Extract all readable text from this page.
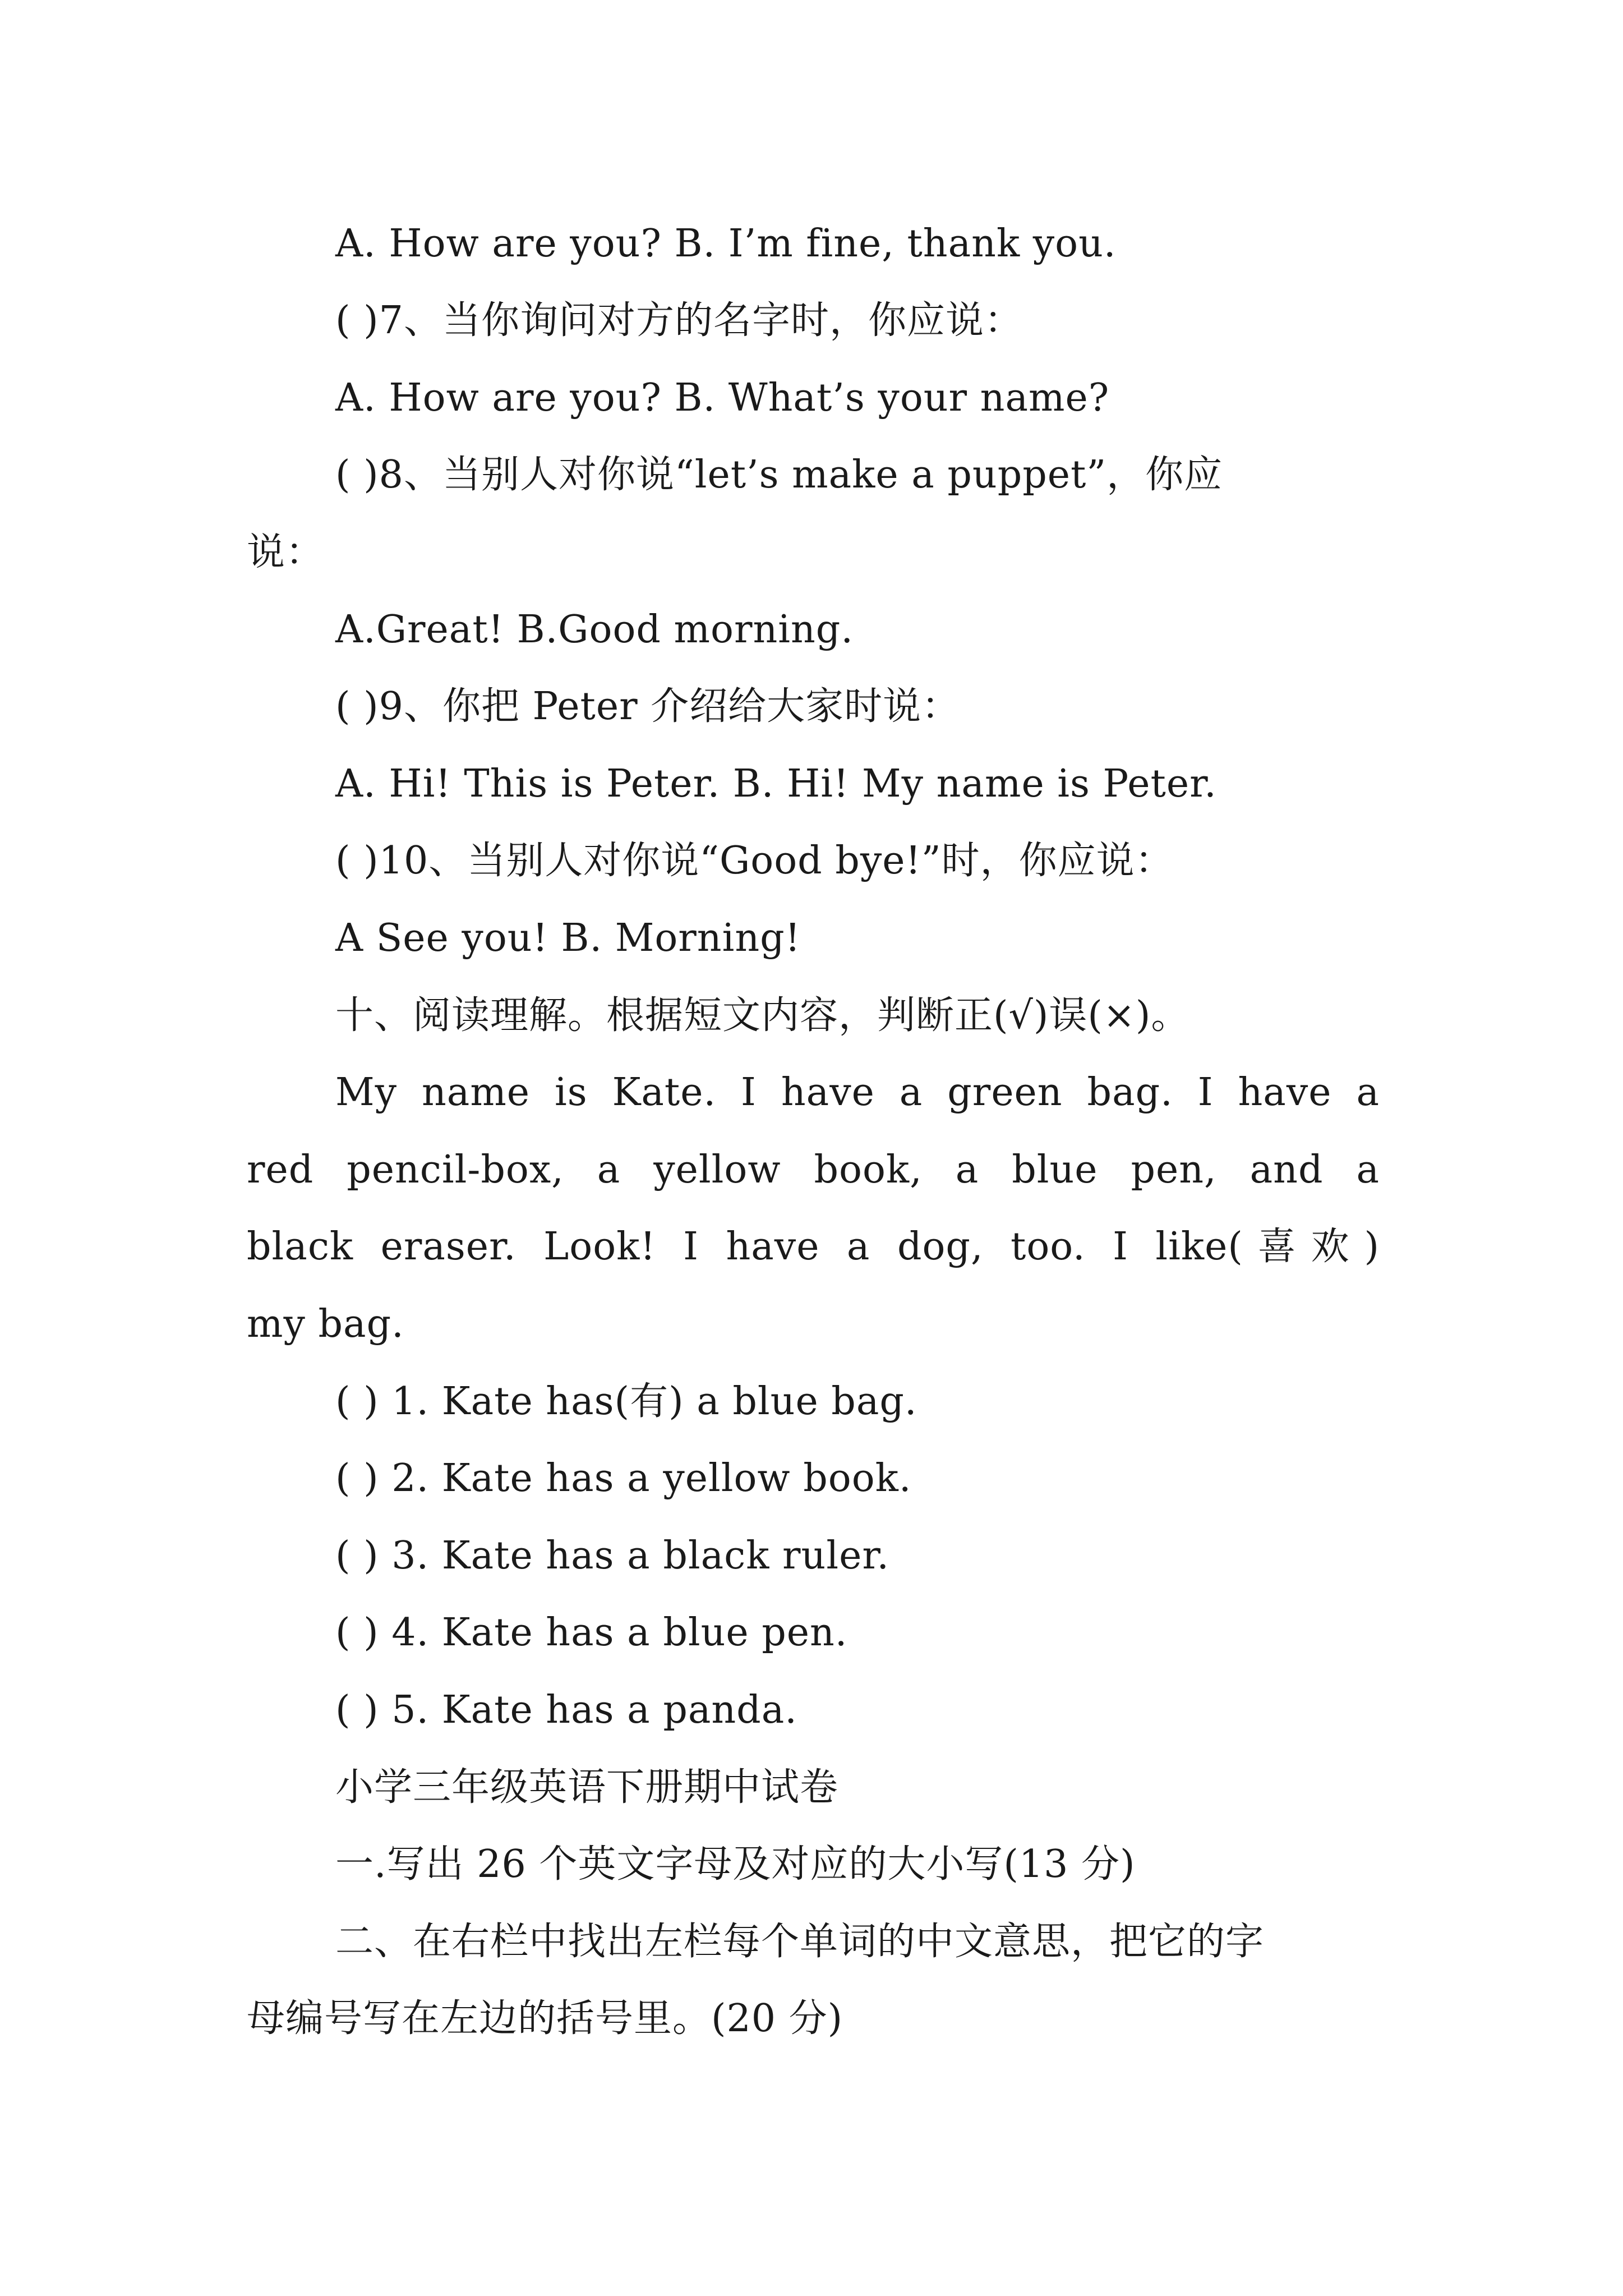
A. How are you? B. I’m fine, thank you.
( )7、当你询问对方的名字时，你应说：
A. How are you? B. What’s your name?
( )8、当别人对你说“let’s make a puppet”，你应
说：
A.Great! B.Good morning.
( )9、你把 Peter 介绍给大家时说：
A. Hi! This is Peter. B. Hi! My name is Peter.
( )10、当别人对你说“Good bye!”时，你应说：
A See you! B. Morning!
十、阅读理解。根据短文内容，判断正(√)误(×)。
My name is Kate. I have a green bag. I have a
red pencil-box, a yellow book, a blue pen, and a
black eraser. Look! I have a dog, too. I like(喜欢)
my bag.
( ) 1. Kate has(有) a blue bag.
( ) 2. Kate has a yellow book.
( ) 3. Kate has a black ruler.
( ) 4. Kate has a blue pen.
( ) 5. Kate has a panda.
小学三年级英语下册期中试卷
一.写出 26 个英文字母及对应的大小写(13 分)
二、在右栏中找出左栏每个单词的中文意思，把它的字
母编号写在左边的括号里。(20 分)
